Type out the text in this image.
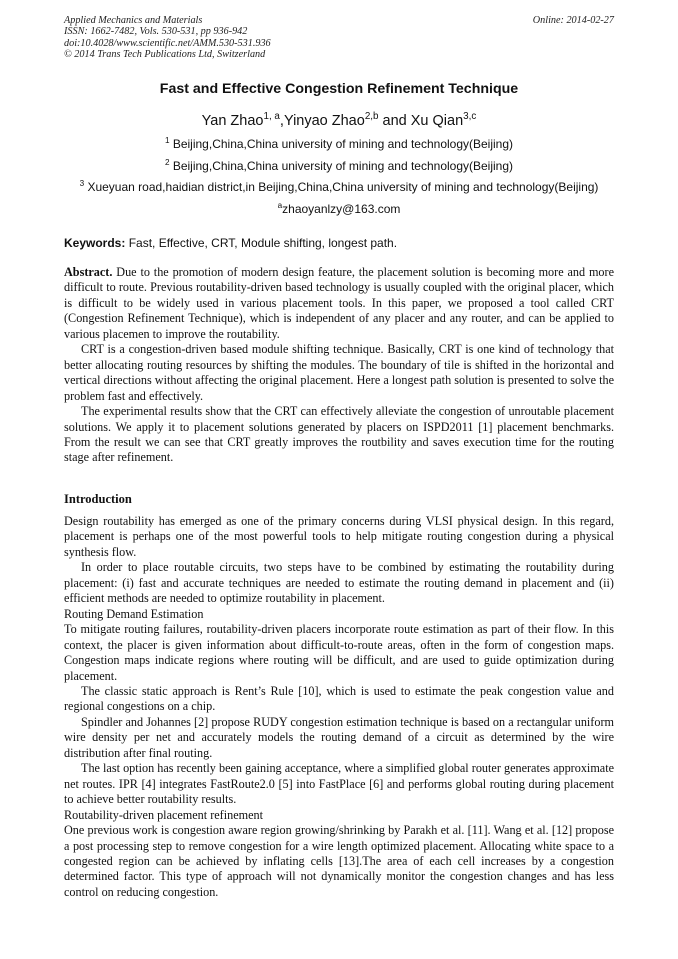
Applied Mechanics and Materials
ISSN: 1662-7482, Vols. 530-531, pp 936-942
doi:10.4028/www.scientific.net/AMM.530-531.936
© 2014 Trans Tech Publications Ltd, Switzerland
Online: 2014-02-27
Fast and Effective Congestion Refinement Technique
Yan Zhao$^{1, a}$,Yinyao Zhao$^{2,b}$ and Xu Qian$^{3,c}$
$^1$ Beijing,China,China university of mining and technology(Beijing)
$^2$ Beijing,China,China university of mining and technology(Beijing)
$^3$ Xueyuan road,haidian district,in Beijing,China,China university of mining and technology(Beijing)
$^a$zhaoyanlzy@163.com
Keywords: Fast, Effective, CRT, Module shifting, longest path.

Abstract. Due to the promotion of modern design feature, the placement solution is becoming more and more difficult to route. Previous routability-driven based technology is usually coupled with the original placer, which is difficult to be widely used in various placement tools. In this paper, we proposed a tool called CRT (Congestion Refinement Technique), which is independent of any placer and any router, and can be applied to various placemen to improve the routability.

CRT is a congestion-driven based module shifting technique. Basically, CRT is one kind of technology that better allocating routing resources by shifting the modules. The boundary of tile is shifted in the horizontal and vertical directions without affecting the original placement. Here a longest path solution is presented to solve the problem fast and effectively.

The experimental results show that the CRT can effectively alleviate the congestion of unroutable placement solutions. We apply it to placement solutions generated by placers on ISPD2011 [1] placement benchmarks. From the result we can see that CRT greatly improves the routbility and saves execution time for the routing stage after refinement.

Introduction

Design routability has emerged as one of the primary concerns during VLSI physical design. In this regard, placement is perhaps one of the most powerful tools to help mitigate routing congestion during a physical synthesis flow.

In order to place routable circuits, two steps have to be combined by estimating the routability during placement: (i) fast and accurate techniques are needed to estimate the routing demand in placement and (ii) efficient methods are needed to optimize routability in placement.

Routing Demand Estimation

To mitigate routing failures, routability-driven placers incorporate route estimation as part of their flow. In this context, the placer is given information about difficult-to-route areas, often in the form of congestion maps. Congestion maps indicate regions where routing will be difficult, and are used to guide optimization during placement.

The classic static approach is Rent’s Rule [10], which is used to estimate the peak congestion value and regional congestions on a chip.

Spindler and Johannes [2] propose RUDY congestion estimation technique is based on a rectangular uniform wire density per net and accurately models the routing demand of a circuit as determined by the wire distribution after final routing.

The last option has recently been gaining acceptance, where a simplified global router generates approximate net routes. IPR [4] integrates FastRoute2.0 [5] into FastPlace [6] and performs global routing during placement to achieve better routability results.

Routability-driven placement refinement

One previous work is congestion aware region growing/shrinking by Parakh et al. [11]. Wang et al. [12] propose a post processing step to remove congestion for a wire length optimized placement. Allocating white space to a congested region can be achieved by inflating cells [13].The area of each cell increases by a congestion determined factor. This type of approach will not dynamically monitor the congestion changes and has less control on reducing congestion.
